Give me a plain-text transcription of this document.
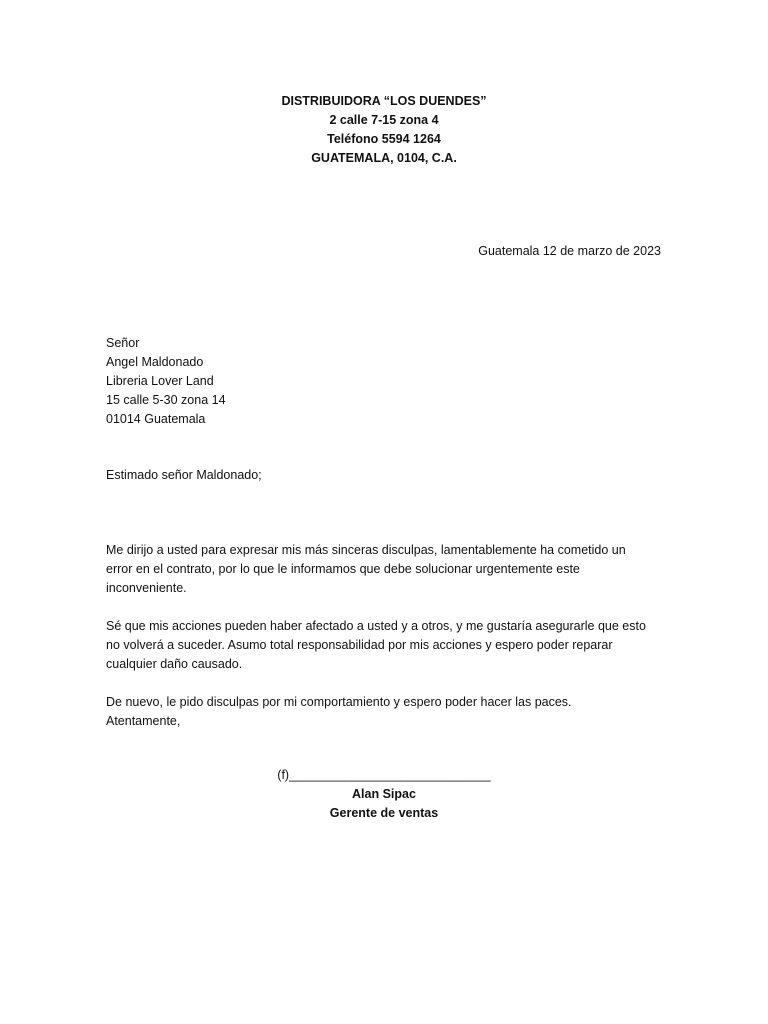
DISTRIBUIDORA “LOS DUENDES”
2 calle 7-15 zona 4
Teléfono 5594 1264
GUATEMALA, 0104, C.A.
Guatemala 12 de marzo de 2023
Señor
Angel Maldonado
Libreria Lover Land
15 calle 5-30 zona 14
01014 Guatemala
Estimado señor Maldonado;

Me dirijo a usted para expresar mis más sinceras disculpas, lamentablemente ha cometido un error en el contrato, por lo que le informamos que debe solucionar urgentemente este inconveniente.

Sé que mis acciones pueden haber afectado a usted y a otros, y me gustaría asegurarle que esto no volverá a suceder. Asumo total responsabilidad por mis acciones y espero poder reparar cualquier daño causado.

De nuevo, le pido disculpas por mi comportamiento y espero poder hacer las paces.
Atentamente,

(f)_____________________________
Alan Sipac
Gerente de ventas
